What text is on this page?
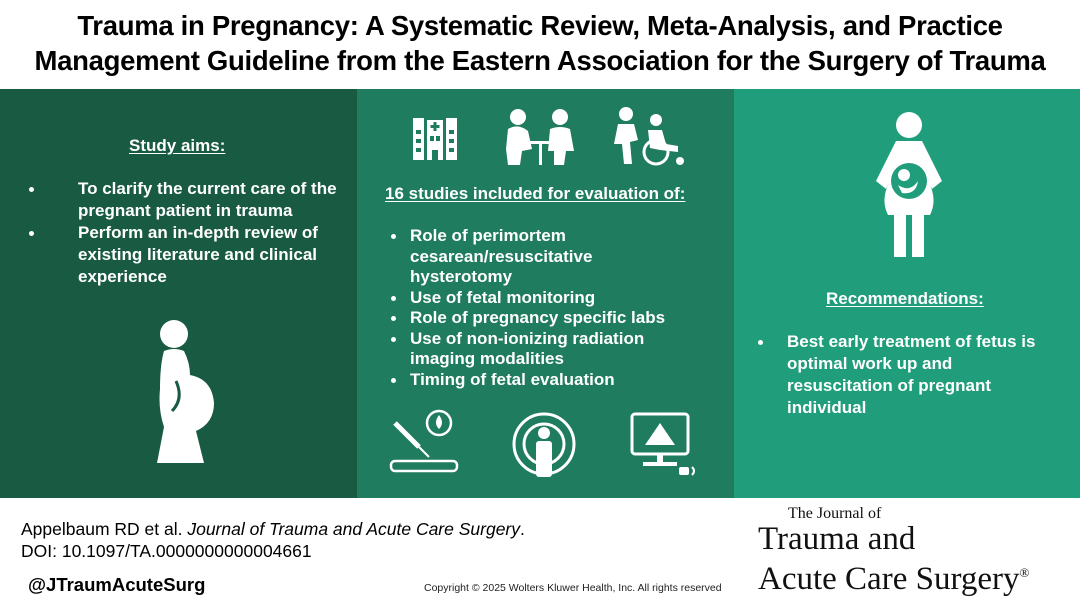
Trauma in Pregnancy: A Systematic Review, Meta-Analysis, and Practice
Management Guideline from the Eastern Association for the Surgery of Trauma
Study aims:
To clarify the current care of the pregnant patient in trauma
Perform an in-depth review of existing literature and clinical experience
16 studies included for evaluation of:
Role of perimortem cesarean/resuscitative hysterotomy
Use of fetal monitoring
Role of pregnancy specific labs
Use of non-ionizing radiation imaging modalities
Timing of fetal evaluation
Recommendations:
Best early treatment of fetus is optimal work up and resuscitation of pregnant individual
Appelbaum RD et al. Journal of Trauma and Acute Care Surgery.
DOI: 10.1097/TA.0000000000004661
@JTraumAcuteSurg	Copyright © 2025 Wolters Kluwer Health, Inc. All rights reserved
The Journal of
Trauma and
Acute Care Surgery®
